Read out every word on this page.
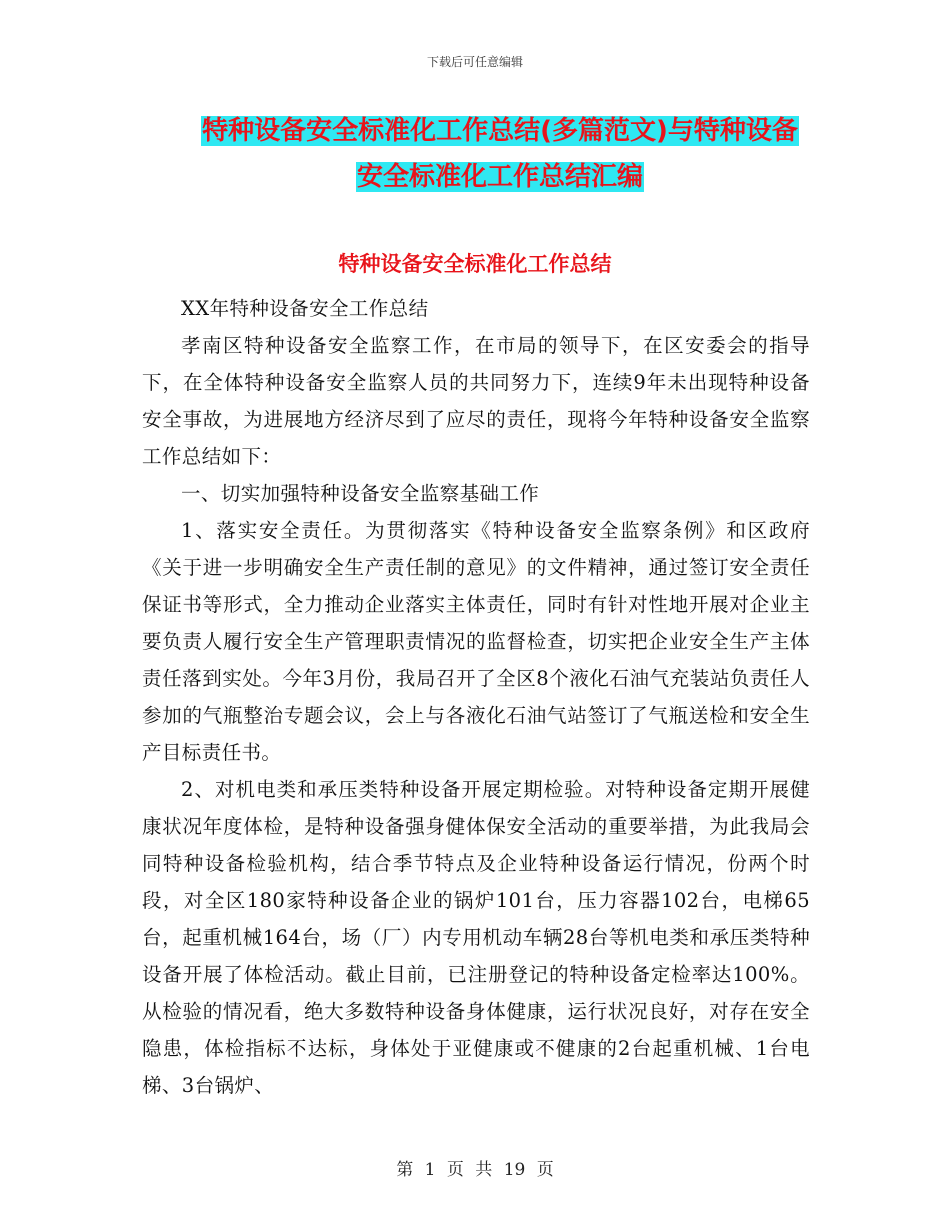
下载后可任意编辑
特种设备安全标准化工作总结(多篇范文)与特种设备
安全标准化工作总结汇编
特种设备安全标准化工作总结

XX年特种设备安全工作总结

孝南区特种设备安全监察工作，在市局的领导下，在区安委会的指导下，在全体特种设备安全监察人员的共同努力下，连续9年未出现特种设备安全事故，为进展地方经济尽到了应尽的责任，现将今年特种设备安全监察工作总结如下：

一、切实加强特种设备安全监察基础工作

1、落实安全责任。为贯彻落实《特种设备安全监察条例》和区政府《关于进一步明确安全生产责任制的意见》的文件精神，通过签订安全责任保证书等形式，全力推动企业落实主体责任，同时有针对性地开展对企业主要负责人履行安全生产管理职责情况的监督检查，切实把企业安全生产主体责任落到实处。今年3月份，我局召开了全区8个液化石油气充装站负责任人参加的气瓶整治专题会议，会上与各液化石油气站签订了气瓶送检和安全生产目标责任书。

2、对机电类和承压类特种设备开展定期检验。对特种设备定期开展健康状况年度体检，是特种设备强身健体保安全活动的重要举措，为此我局会同特种设备检验机构，结合季节特点及企业特种设备运行情况，份两个时段，对全区180家特种设备企业的锅炉101台，压力容器102台，电梯65台，起重机械164台，场（厂）内专用机动车辆28台等机电类和承压类特种设备开展了体检活动。截止目前，已注册登记的特种设备定检率达100%。从检验的情况看，绝大多数特种设备身体健康，运行状况良好，对存在安全隐患，体检指标不达标，身体处于亚健康或不健康的2台起重机械、1台电梯、3台锅炉、

第 1 页 共 19 页
